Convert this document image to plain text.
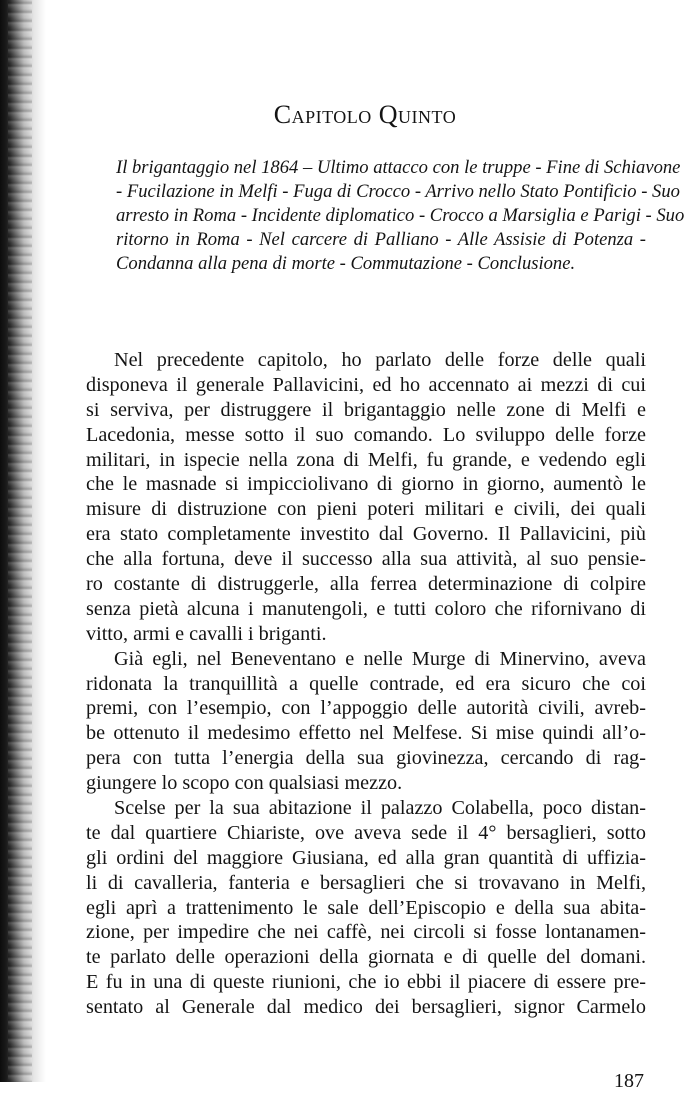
Capitolo Quinto
Il brigantaggio nel 1864 – Ultimo attacco con le truppe - Fine di Schiavone
- Fucilazione in Melfi - Fuga di Crocco - Arrivo nello Stato Pontificio - Suo
arresto in Roma - Incidente diplomatico - Crocco a Marsiglia e Parigi - Suo
ritorno in Roma - Nel carcere di Palliano - Alle Assisie di Potenza -
Condanna alla pena di morte - Commutazione - Conclusione.
Nel precedente capitolo, ho parlato delle forze delle quali
disponeva il generale Pallavicini, ed ho accennato ai mezzi di cui
si serviva, per distruggere il brigantaggio nelle zone di Melfi e
Lacedonia, messe sotto il suo comando. Lo sviluppo delle forze
militari, in ispecie nella zona di Melfi, fu grande, e vedendo egli
che le masnade si impicciolivano di giorno in giorno, aumentò le
misure di distruzione con pieni poteri militari e civili, dei quali
era stato completamente investito dal Governo. Il Pallavicini, più
che alla fortuna, deve il successo alla sua attività, al suo pensie-
ro costante di distruggerle, alla ferrea determinazione di colpire
senza pietà alcuna i manutengoli, e tutti coloro che rifornivano di
vitto, armi e cavalli i briganti.
Già egli, nel Beneventano e nelle Murge di Minervino, aveva
ridonata la tranquillità a quelle contrade, ed era sicuro che coi
premi, con l’esempio, con l’appoggio delle autorità civili, avreb-
be ottenuto il medesimo effetto nel Melfese. Si mise quindi all’o-
pera con tutta l’energia della sua giovinezza, cercando di rag-
giungere lo scopo con qualsiasi mezzo.
Scelse per la sua abitazione il palazzo Colabella, poco distan-
te dal quartiere Chiariste, ove aveva sede il 4° bersaglieri, sotto
gli ordini del maggiore Giusiana, ed alla gran quantità di uffizia-
li di cavalleria, fanteria e bersaglieri che si trovavano in Melfi,
egli aprì a trattenimento le sale dell’Episcopio e della sua abita-
zione, per impedire che nei caffè, nei circoli si fosse lontanamen-
te parlato delle operazioni della giornata e di quelle del domani.
E fu in una di queste riunioni, che io ebbi il piacere di essere pre-
sentato al Generale dal medico dei bersaglieri, signor Carmelo
187
